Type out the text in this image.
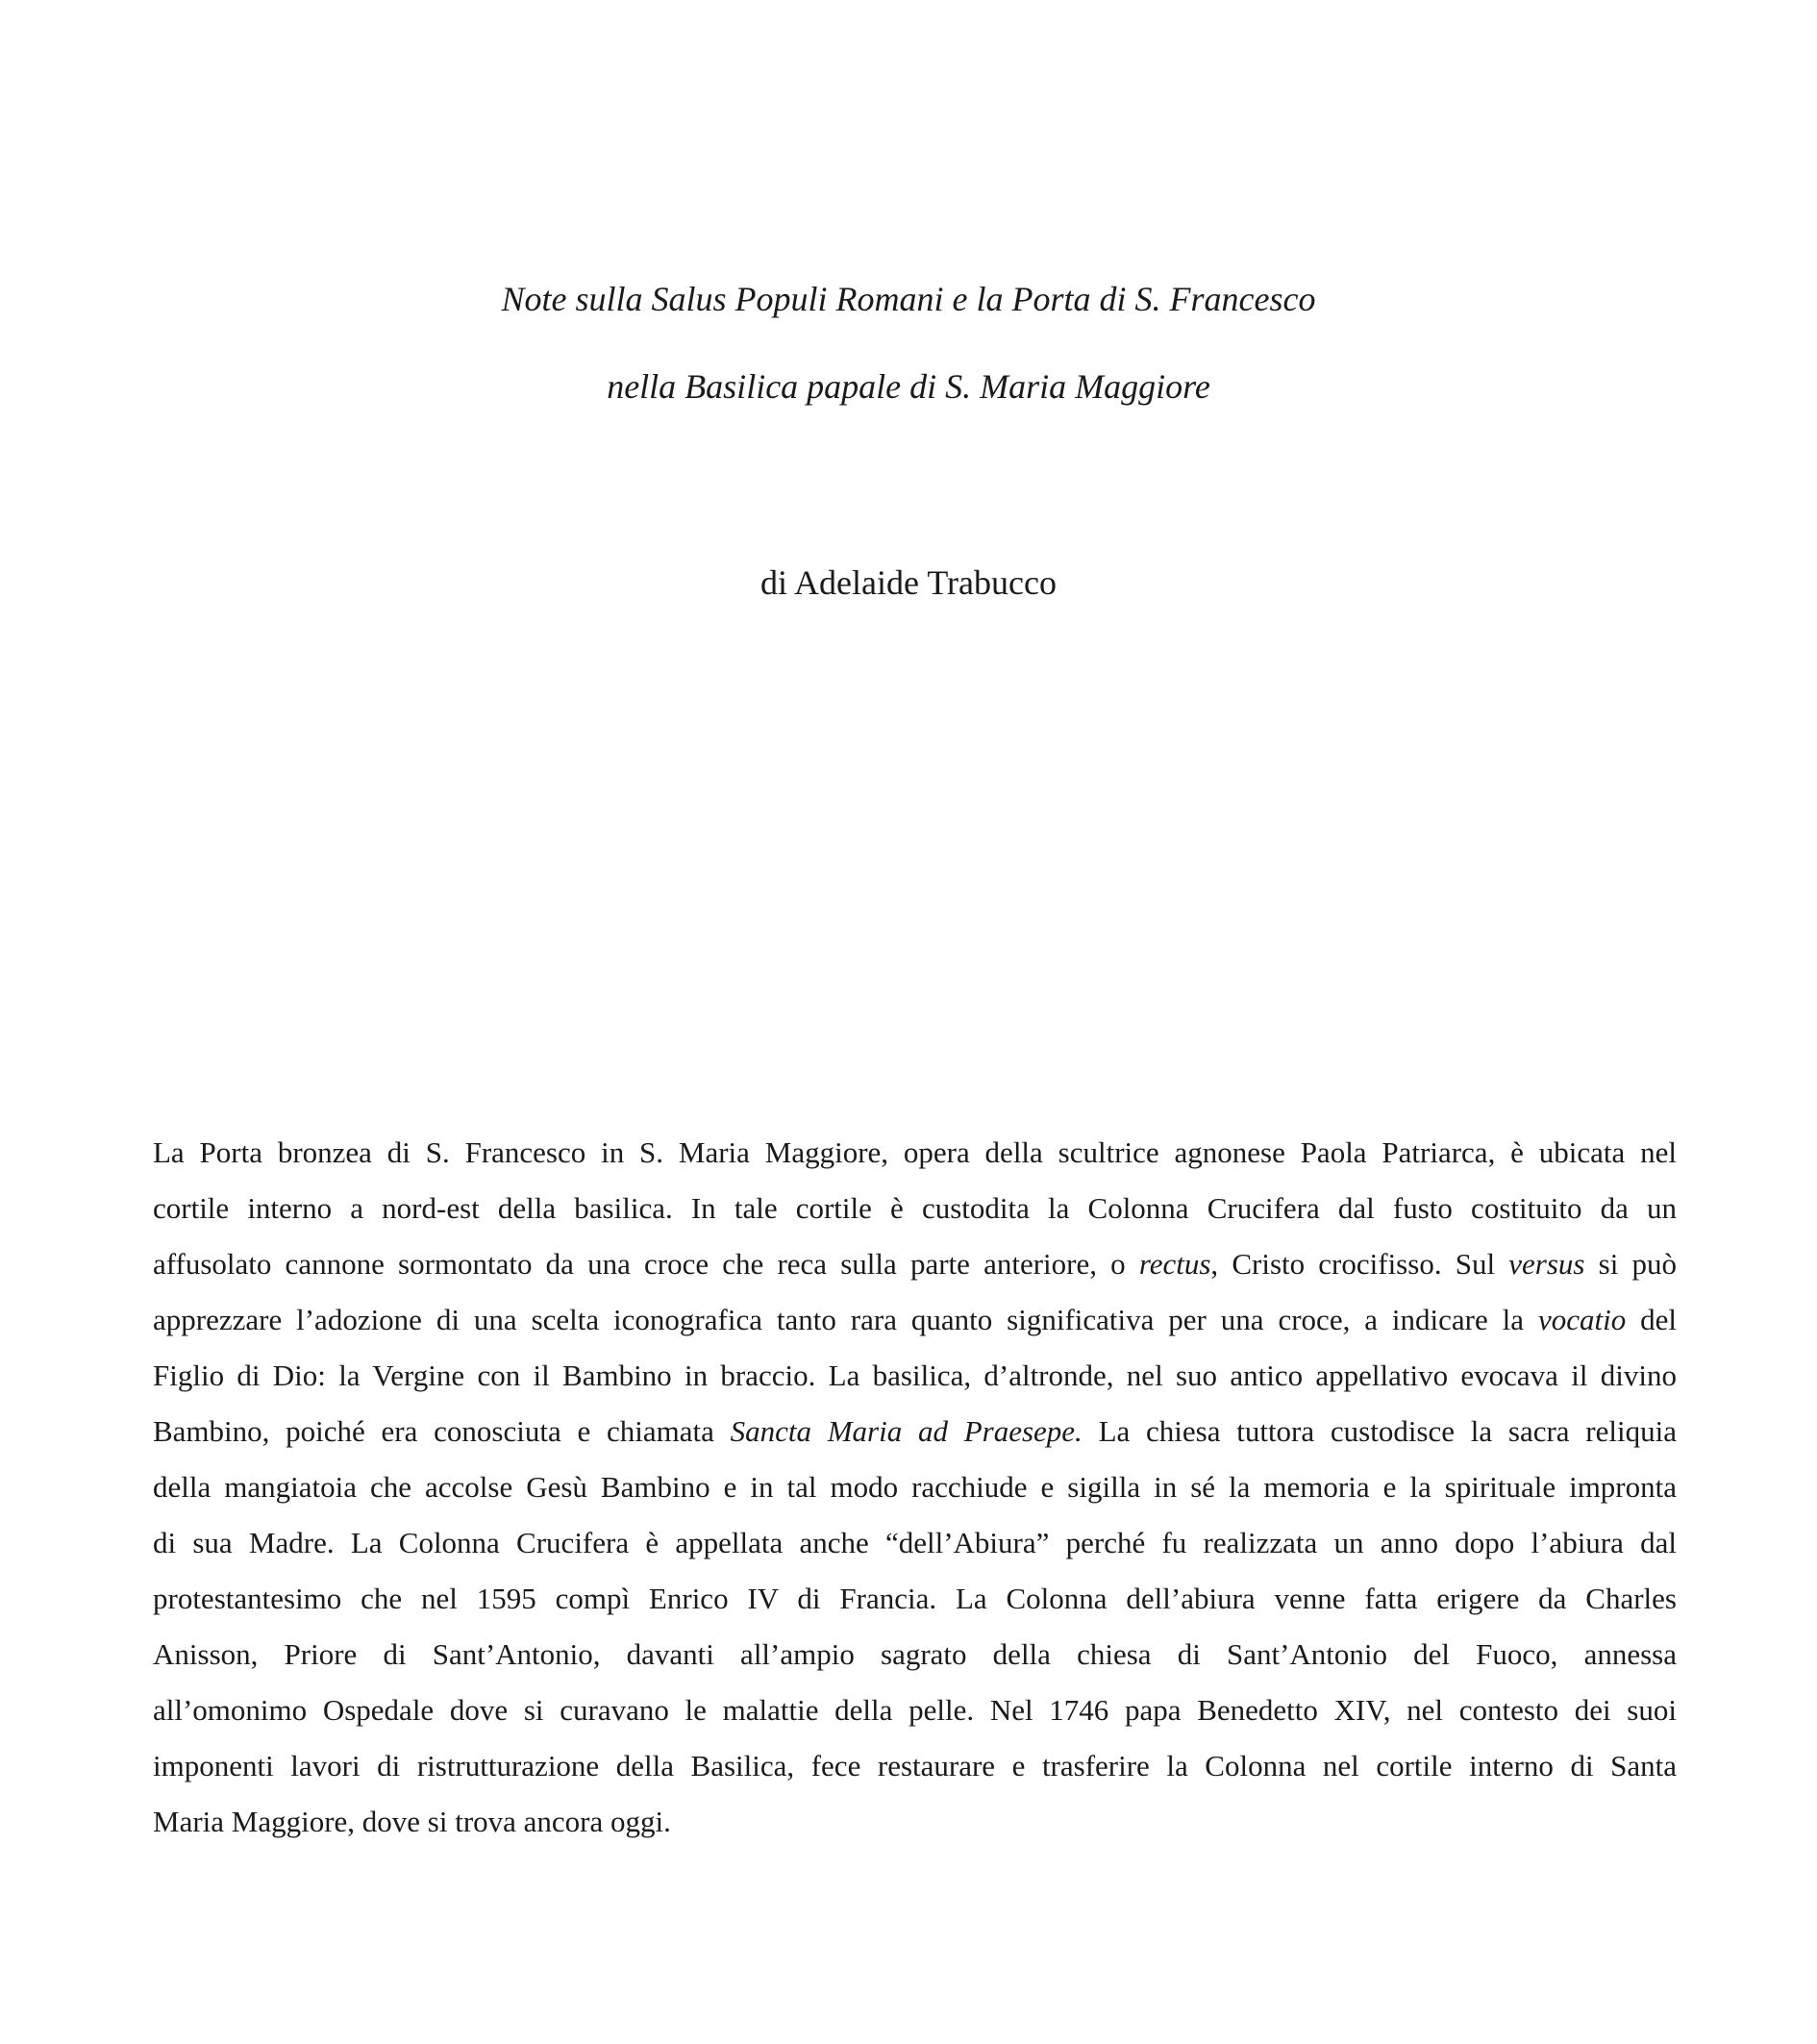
Note sulla Salus Populi Romani e la Porta di S. Francesco
nella Basilica papale di S. Maria Maggiore
di Adelaide Trabucco
La Porta bronzea di S. Francesco in S. Maria Maggiore, opera della scultrice agnonese Paola Patriarca, è ubicata nel
cortile interno a nord-est della basilica. In tale cortile è custodita la Colonna Crucifera dal fusto costituito da un
affusolato cannone sormontato da una croce che reca sulla parte anteriore, o rectus, Cristo crocifisso. Sul versus si può
apprezzare l’adozione di una scelta iconografica tanto rara quanto significativa per una croce, a indicare la vocatio del
Figlio di Dio: la Vergine con il Bambino in braccio. La basilica, d’altronde, nel suo antico appellativo evocava il divino
Bambino, poiché era conosciuta e chiamata Sancta Maria ad Praesepe. La chiesa tuttora custodisce la sacra reliquia
della mangiatoia che accolse Gesù Bambino e in tal modo racchiude e sigilla in sé la memoria e la spirituale impronta
di sua Madre. La Colonna Crucifera è appellata anche “dell’Abiura” perché fu realizzata un anno dopo l’abiura dal
protestantesimo che nel 1595 compì Enrico IV di Francia. La Colonna dell’abiura venne fatta erigere da Charles
Anisson, Priore di Sant’Antonio, davanti all’ampio sagrato della chiesa di Sant’Antonio del Fuoco, annessa
all’omonimo Ospedale dove si curavano le malattie della pelle. Nel 1746 papa Benedetto XIV, nel contesto dei suoi
imponenti lavori di ristrutturazione della Basilica, fece restaurare e trasferire la Colonna nel cortile interno di Santa
Maria Maggiore, dove si trova ancora oggi.
